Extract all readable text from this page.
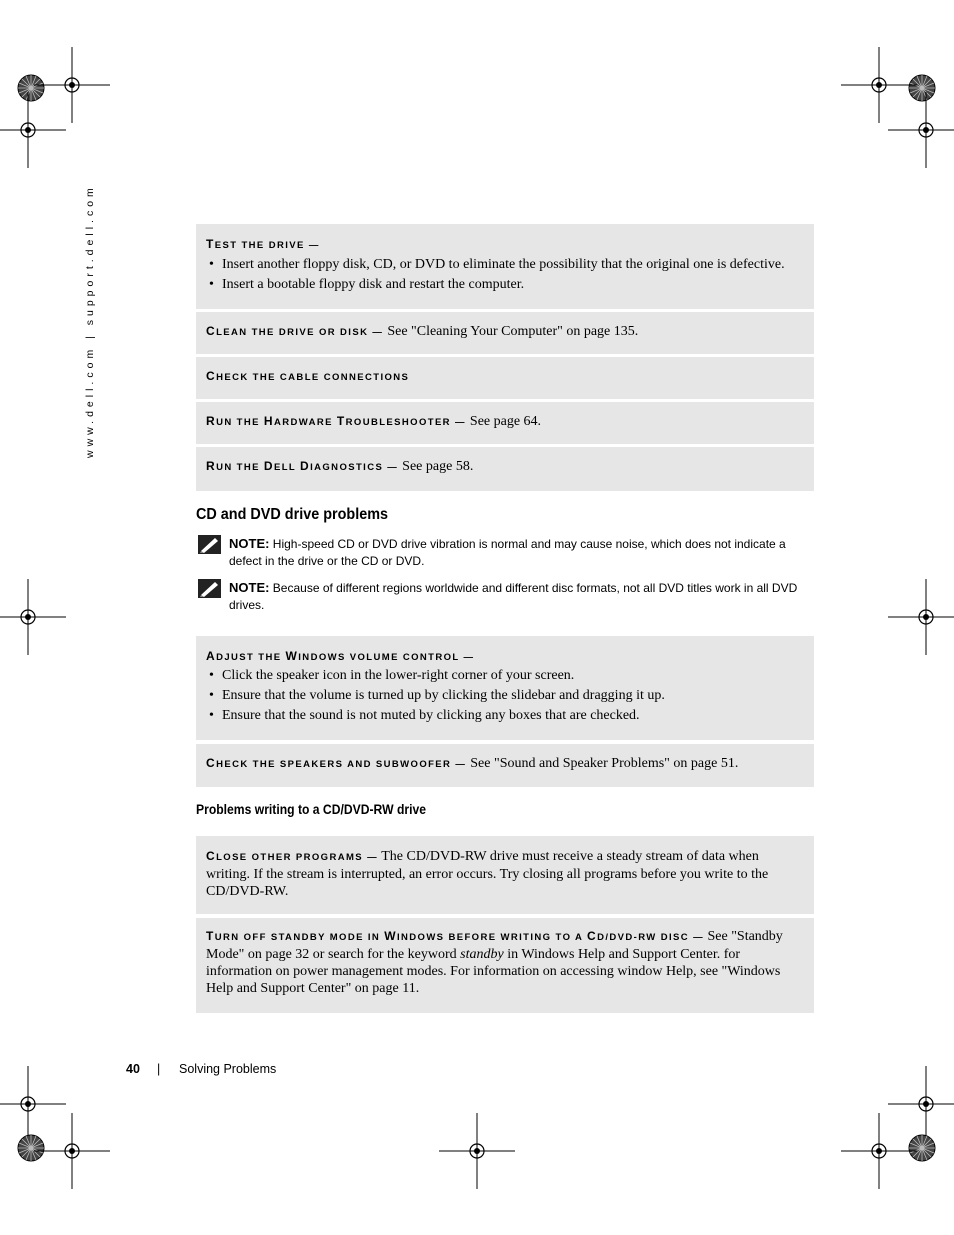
www.dell.com | support.dell.com	TEST THE DRIVE —
• Insert another floppy disk, CD, or DVD to eliminate the possibility that the original one is defective.
• Insert a bootable floppy disk and restart the computer.
CLEAN THE DRIVE OR DISK — See "Cleaning Your Computer" on page 135.
CHECK THE CABLE CONNECTIONS
RUN THE HARDWARE TROUBLESHOOTER — See page 64.
RUN THE DELL DIAGNOSTICS — See page 58.
CD and DVD drive problems
NOTE: High-speed CD or DVD drive vibration is normal and may cause noise, which does not indicate a defect in the drive or the CD or DVD.
NOTE: Because of different regions worldwide and different disc formats, not all DVD titles work in all DVD drives.
ADJUST THE WINDOWS VOLUME CONTROL —
• Click the speaker icon in the lower-right corner of your screen.
• Ensure that the volume is turned up by clicking the slidebar and dragging it up.
• Ensure that the sound is not muted by clicking any boxes that are checked.
CHECK THE SPEAKERS AND SUBWOOFER — See "Sound and Speaker Problems" on page 51.
Problems writing to a CD/DVD-RW drive
CLOSE OTHER PROGRAMS — The CD/DVD-RW drive must receive a steady stream of data when writing. If the stream is interrupted, an error occurs. Try closing all programs before you write to the CD/DVD-RW.
TURN OFF STANDBY MODE IN WINDOWS BEFORE WRITING TO A CD/DVD-RW DISC — See "Standby Mode" on page 32 or search for the keyword standby in Windows Help and Support Center. for information on power management modes. For information on accessing window Help, see "Windows Help and Support Center" on page 11.
40 | Solving Problems
